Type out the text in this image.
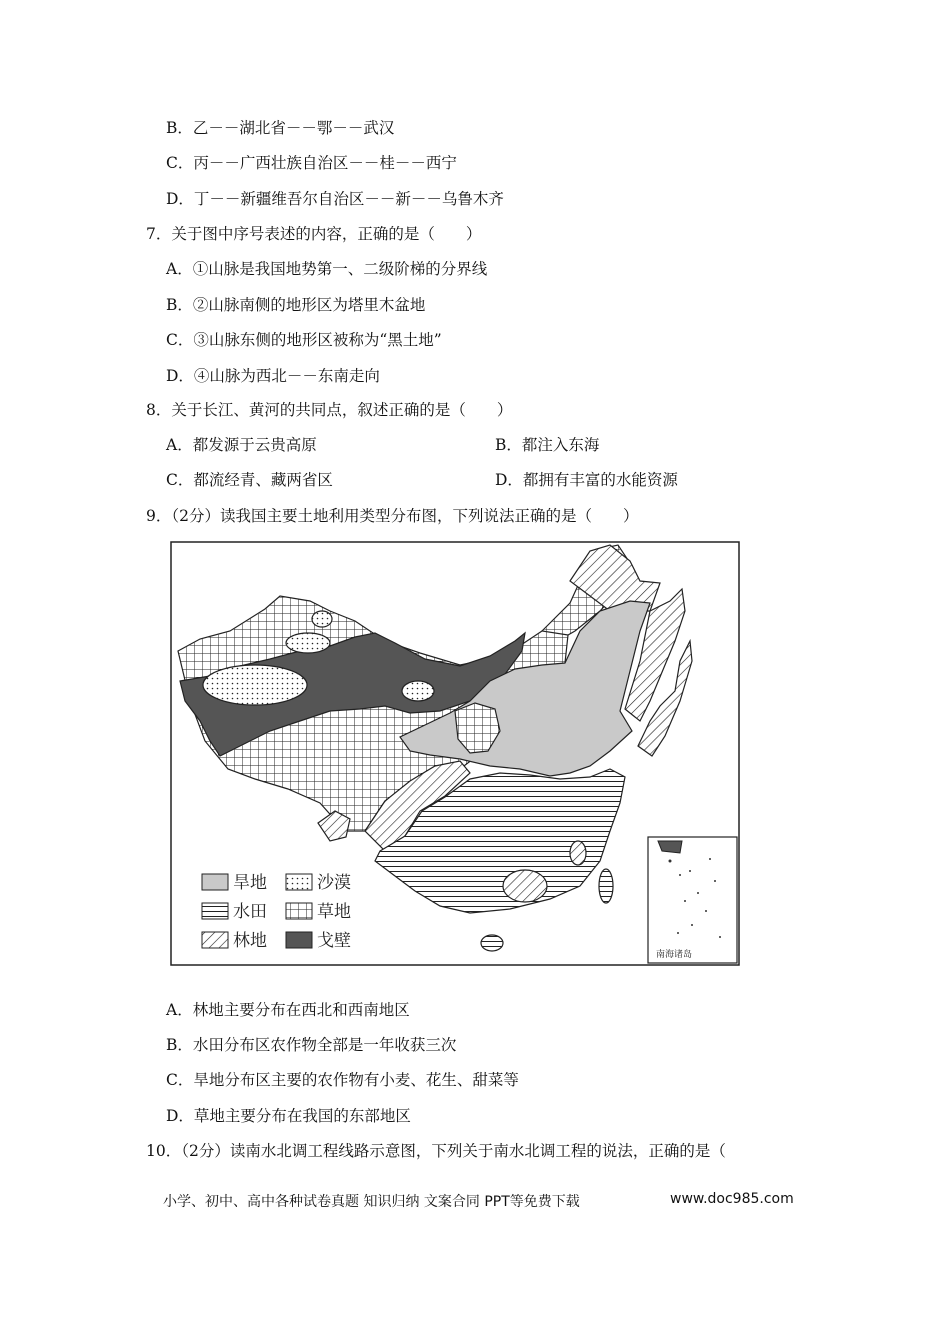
B．乙－－湖北省－－鄂－－武汉
C．丙－－广西壮族自治区－－桂－－西宁
D．丁－－新疆维吾尔自治区－－新－－乌鲁木齐
7．关于图中序号表述的内容，正确的是（　　）
A．①山脉是我国地势第一、二级阶梯的分界线
B．②山脉南侧的地形区为塔里木盆地
C．③山脉东侧的地形区被称为“黑土地”
D．④山脉为西北－－东南走向
8．关于长江、黄河的共同点，叙述正确的是（　　）
A．都发源于云贵高原	B．都注入东海
C．都流经青、藏两省区	D．都拥有丰富的水能资源
9．（2分）读我国主要土地利用类型分布图，下列说法正确的是（　　）
南海诸岛
旱地	沙漠
水田	草地
林地	戈壁
A．林地主要分布在西北和西南地区
B．水田分布区农作物全部是一年收获三次
C．旱地分布区主要的农作物有小麦、花生、甜菜等
D．草地主要分布在我国的东部地区
10．（2分）读南水北调工程线路示意图，下列关于南水北调工程的说法，正确的是（
小学、初中、高中各种试卷真题 知识归纳 文案合同 PPT等免费下载	www.doc985.com
